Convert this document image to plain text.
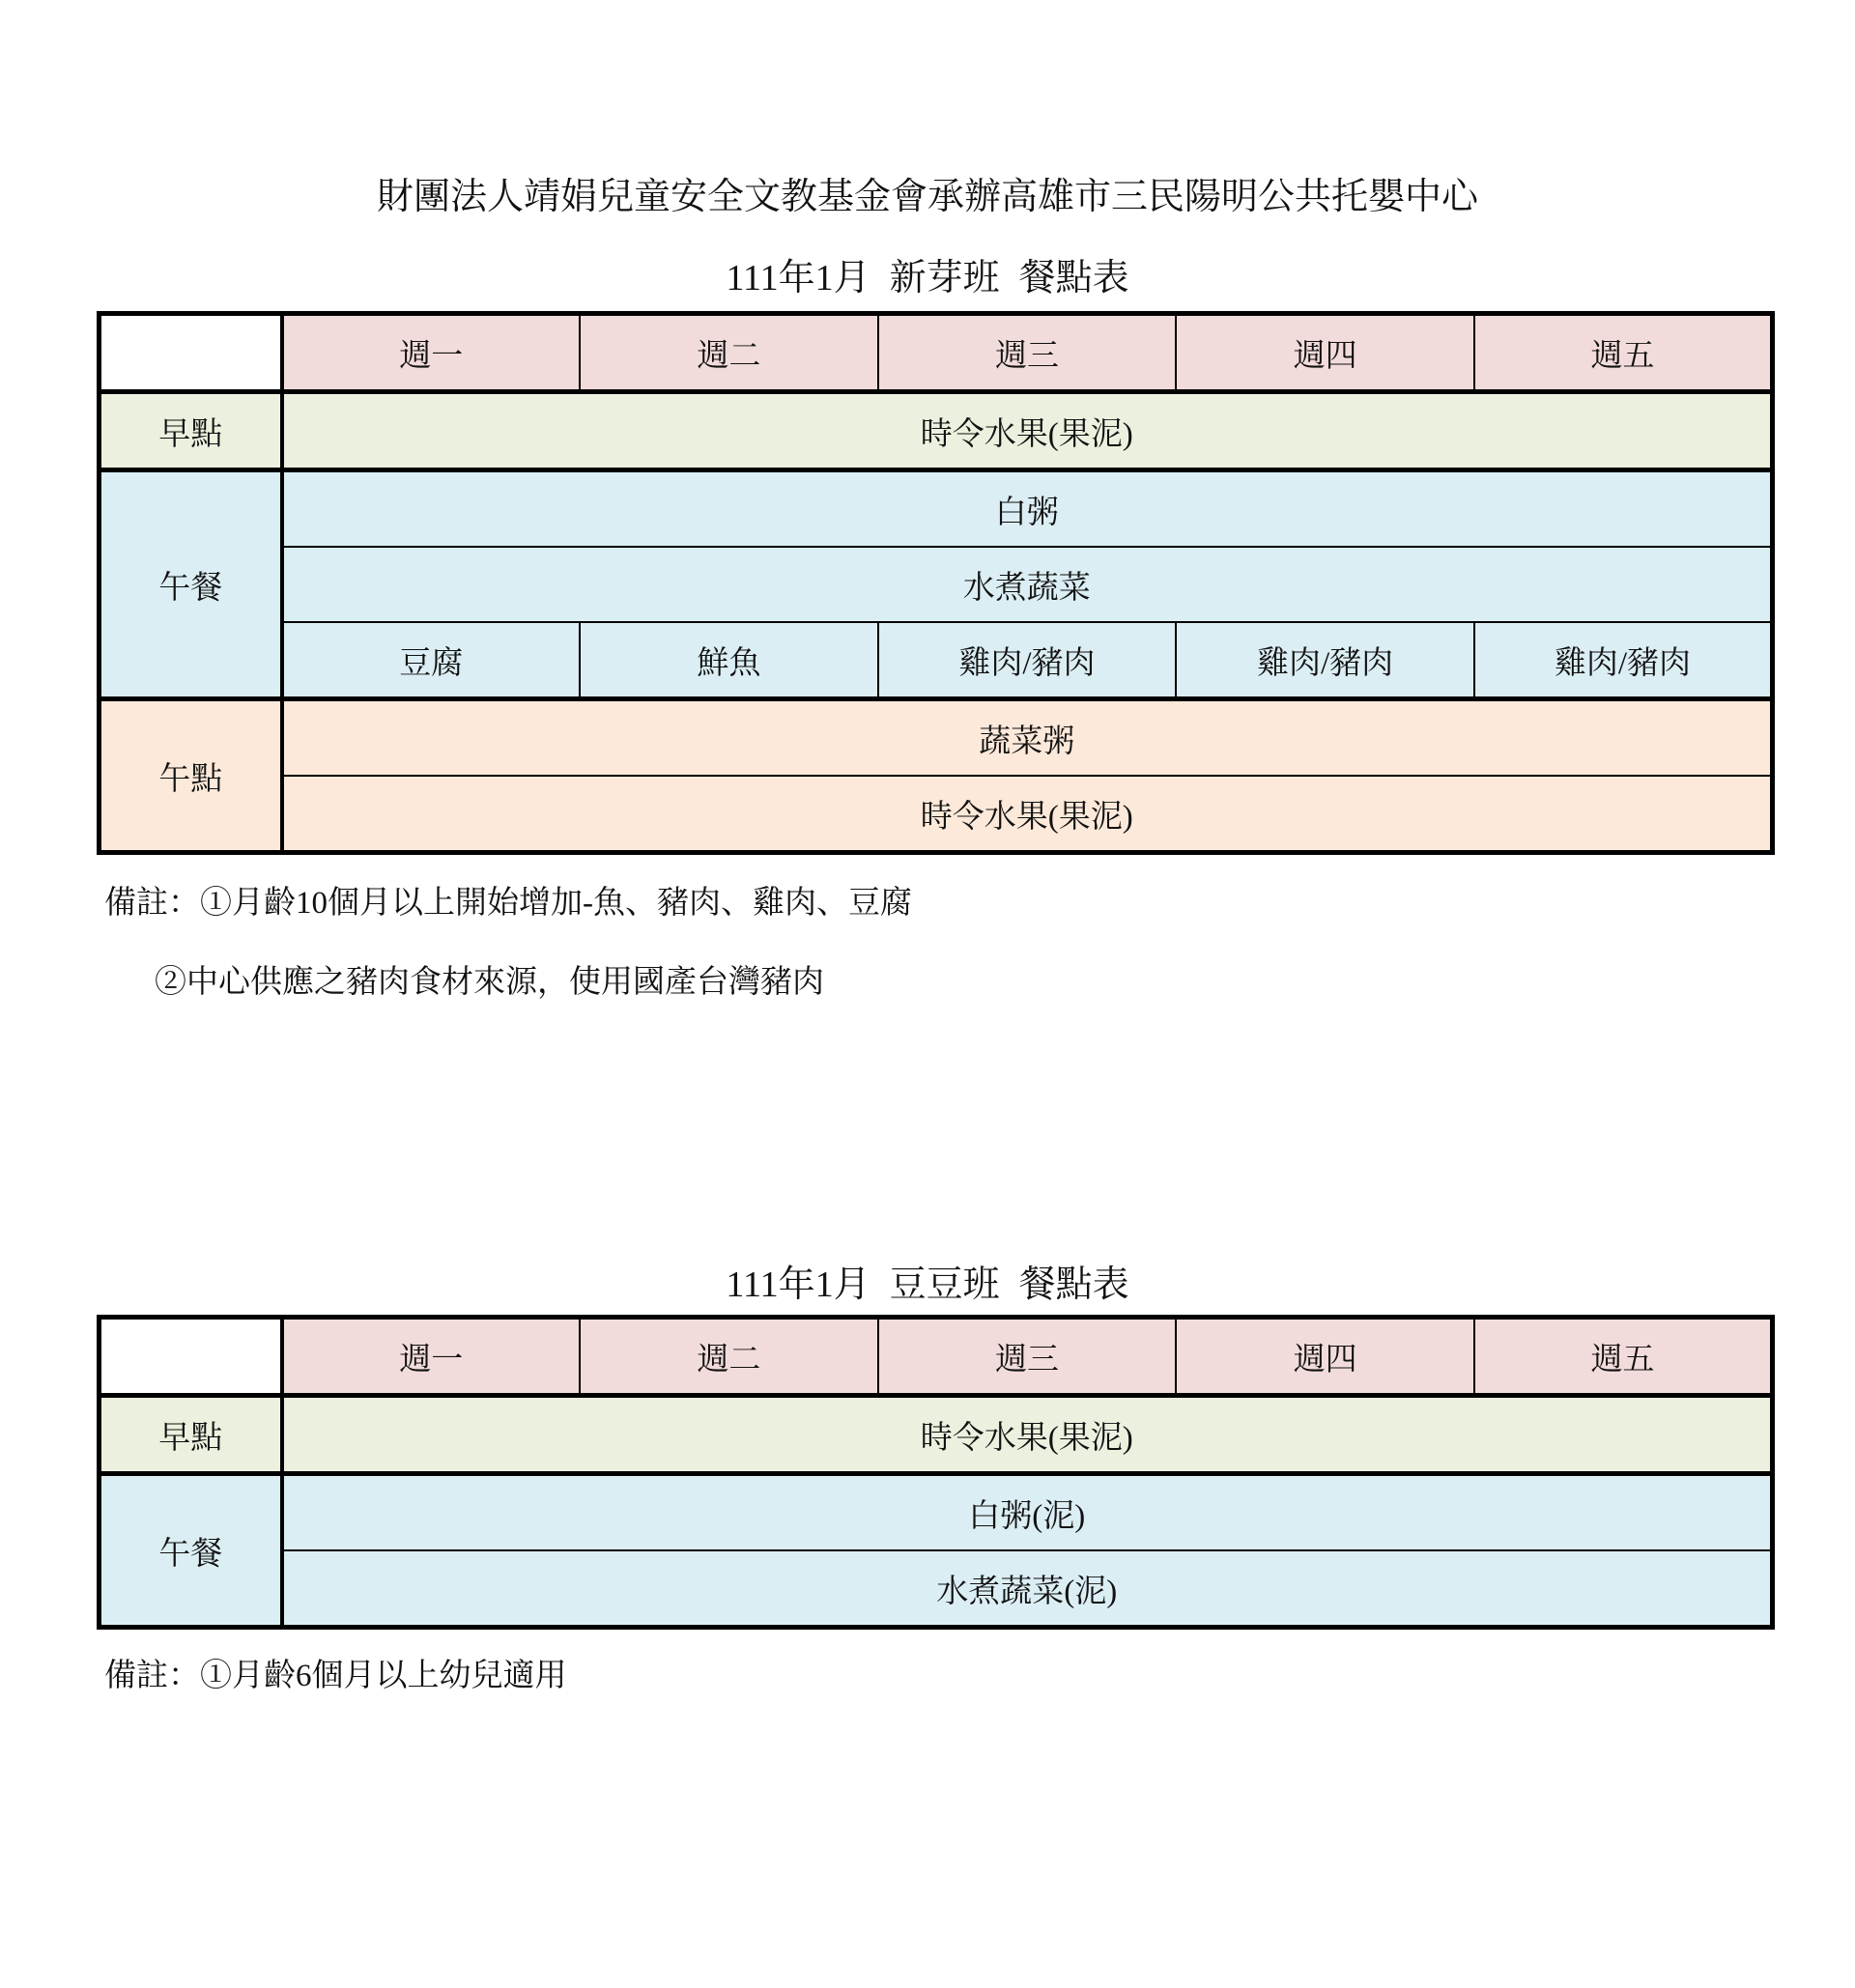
財團法人靖娟兒童安全文教基金會承辦高雄市三民陽明公共托嬰中心
111年1月 新芽班 餐點表
	週一	週二	週三	週四	週五
早點	時令水果(果泥)				
午餐	白粥				
	水煮蔬菜				
	豆腐	鮮魚	雞肉/豬肉	雞肉/豬肉	雞肉/豬肉
午點	蔬菜粥				
	時令水果(果泥)				
備註：①月齡10個月以上開始增加-魚、豬肉、雞肉、豆腐
②中心供應之豬肉食材來源，使用國產台灣豬肉
111年1月 豆豆班 餐點表
	週一	週二	週三	週四	週五
早點	時令水果(果泥)				
午餐	白粥(泥)				
	水煮蔬菜(泥)				
備註：①月齡6個月以上幼兒適用
